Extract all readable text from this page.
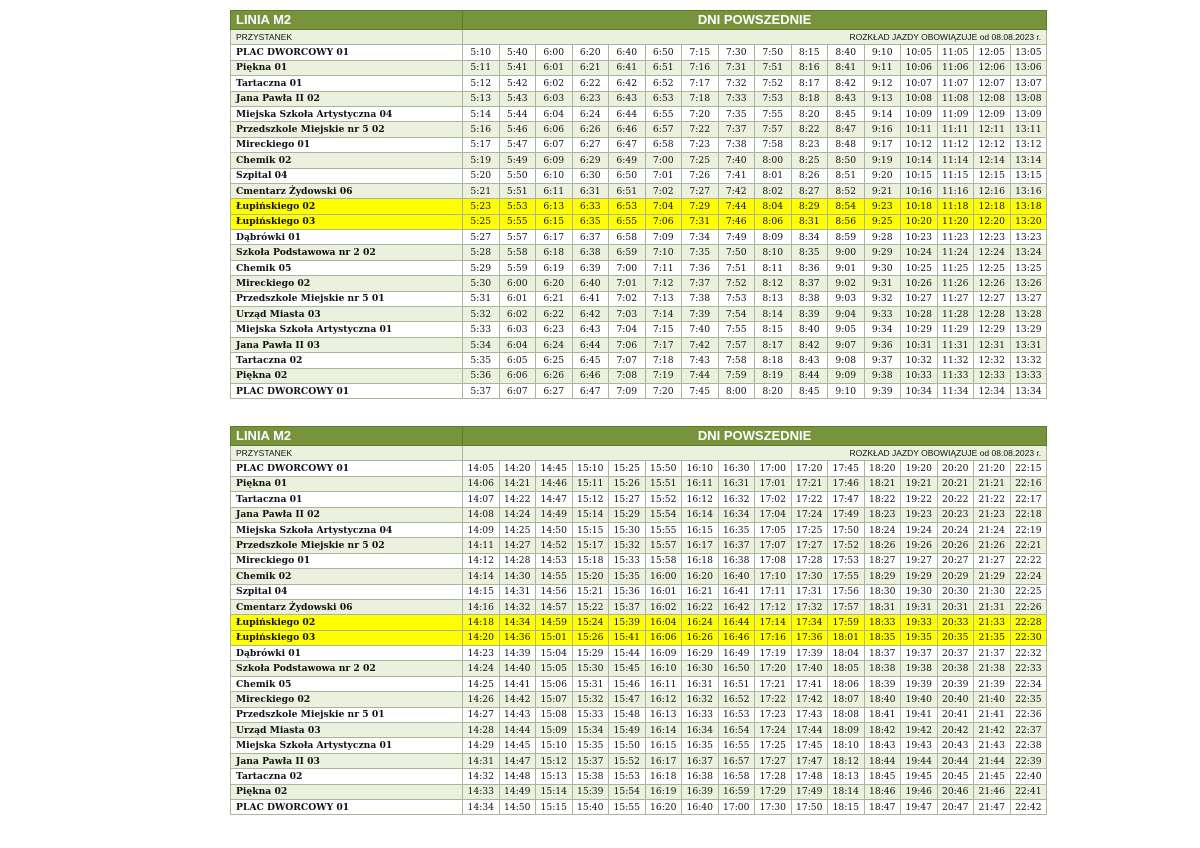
LINIA M2	DNI POWSZEDNIE															
PRZYSTANEK	ROZKŁAD JAZDY OBOWIĄZUJE od 08.08.2023 r.															
PLAC DWORCOWY 01	5:10	5:40	6:00	6:20	6:40	6:50	7:15	7:30	7:50	8:15	8:40	9:10	10:05	11:05	12:05	13:05
Piękna 01	5:11	5:41	6:01	6:21	6:41	6:51	7:16	7:31	7:51	8:16	8:41	9:11	10:06	11:06	12:06	13:06
Tartaczna 01	5:12	5:42	6:02	6:22	6:42	6:52	7:17	7:32	7:52	8:17	8:42	9:12	10:07	11:07	12:07	13:07
Jana Pawła II 02	5:13	5:43	6:03	6:23	6:43	6:53	7:18	7:33	7:53	8:18	8:43	9:13	10:08	11:08	12:08	13:08
Miejska Szkoła Artystyczna 04	5:14	5:44	6:04	6:24	6:44	6:55	7:20	7:35	7:55	8:20	8:45	9:14	10:09	11:09	12:09	13:09
Przedszkole Miejskie nr 5 02	5:16	5:46	6:06	6:26	6:46	6:57	7:22	7:37	7:57	8:22	8:47	9:16	10:11	11:11	12:11	13:11
Mireckiego 01	5:17	5:47	6:07	6:27	6:47	6:58	7:23	7:38	7:58	8:23	8:48	9:17	10:12	11:12	12:12	13:12
Chemik 02	5:19	5:49	6:09	6:29	6:49	7:00	7:25	7:40	8:00	8:25	8:50	9:19	10:14	11:14	12:14	13:14
Szpital 04	5:20	5:50	6:10	6:30	6:50	7:01	7:26	7:41	8:01	8:26	8:51	9:20	10:15	11:15	12:15	13:15
Cmentarz Żydowski 06	5:21	5:51	6:11	6:31	6:51	7:02	7:27	7:42	8:02	8:27	8:52	9:21	10:16	11:16	12:16	13:16
Łupińskiego 02	5:23	5:53	6:13	6:33	6:53	7:04	7:29	7:44	8:04	8:29	8:54	9:23	10:18	11:18	12:18	13:18
Łupińskiego 03	5:25	5:55	6:15	6:35	6:55	7:06	7:31	7:46	8:06	8:31	8:56	9:25	10:20	11:20	12:20	13:20
Dąbrówki 01	5:27	5:57	6:17	6:37	6:58	7:09	7:34	7:49	8:09	8:34	8:59	9:28	10:23	11:23	12:23	13:23
Szkoła Podstawowa nr 2 02	5:28	5:58	6:18	6:38	6:59	7:10	7:35	7:50	8:10	8:35	9:00	9:29	10:24	11:24	12:24	13:24
Chemik 05	5:29	5:59	6:19	6:39	7:00	7:11	7:36	7:51	8:11	8:36	9:01	9:30	10:25	11:25	12:25	13:25
Mireckiego 02	5:30	6:00	6:20	6:40	7:01	7:12	7:37	7:52	8:12	8:37	9:02	9:31	10:26	11:26	12:26	13:26
Przedszkole Miejskie nr 5 01	5:31	6:01	6:21	6:41	7:02	7:13	7:38	7:53	8:13	8:38	9:03	9:32	10:27	11:27	12:27	13:27
Urząd Miasta 03	5:32	6:02	6:22	6:42	7:03	7:14	7:39	7:54	8:14	8:39	9:04	9:33	10:28	11:28	12:28	13:28
Miejska Szkoła Artystyczna 01	5:33	6:03	6:23	6:43	7:04	7:15	7:40	7:55	8:15	8:40	9:05	9:34	10:29	11:29	12:29	13:29
Jana Pawła II 03	5:34	6:04	6:24	6:44	7:06	7:17	7:42	7:57	8:17	8:42	9:07	9:36	10:31	11:31	12:31	13:31
Tartaczna 02	5:35	6:05	6:25	6:45	7:07	7:18	7:43	7:58	8:18	8:43	9:08	9:37	10:32	11:32	12:32	13:32
Piękna 02	5:36	6:06	6:26	6:46	7:08	7:19	7:44	7:59	8:19	8:44	9:09	9:38	10:33	11:33	12:33	13:33
PLAC DWORCOWY 01	5:37	6:07	6:27	6:47	7:09	7:20	7:45	8:00	8:20	8:45	9:10	9:39	10:34	11:34	12:34	13:34
LINIA M2	DNI POWSZEDNIE															
PRZYSTANEK	ROZKŁAD JAZDY OBOWIĄZUJE od 08.08.2023 r.															
PLAC DWORCOWY 01	14:05	14:20	14:45	15:10	15:25	15:50	16:10	16:30	17:00	17:20	17:45	18:20	19:20	20:20	21:20	22:15
Piękna 01	14:06	14:21	14:46	15:11	15:26	15:51	16:11	16:31	17:01	17:21	17:46	18:21	19:21	20:21	21:21	22:16
Tartaczna 01	14:07	14:22	14:47	15:12	15:27	15:52	16:12	16:32	17:02	17:22	17:47	18:22	19:22	20:22	21:22	22:17
Jana Pawła II 02	14:08	14:24	14:49	15:14	15:29	15:54	16:14	16:34	17:04	17:24	17:49	18:23	19:23	20:23	21:23	22:18
Miejska Szkoła Artystyczna 04	14:09	14:25	14:50	15:15	15:30	15:55	16:15	16:35	17:05	17:25	17:50	18:24	19:24	20:24	21:24	22:19
Przedszkole Miejskie nr 5 02	14:11	14:27	14:52	15:17	15:32	15:57	16:17	16:37	17:07	17:27	17:52	18:26	19:26	20:26	21:26	22:21
Mireckiego 01	14:12	14:28	14:53	15:18	15:33	15:58	16:18	16:38	17:08	17:28	17:53	18:27	19:27	20:27	21:27	22:22
Chemik 02	14:14	14:30	14:55	15:20	15:35	16:00	16:20	16:40	17:10	17:30	17:55	18:29	19:29	20:29	21:29	22:24
Szpital 04	14:15	14:31	14:56	15:21	15:36	16:01	16:21	16:41	17:11	17:31	17:56	18:30	19:30	20:30	21:30	22:25
Cmentarz Żydowski 06	14:16	14:32	14:57	15:22	15:37	16:02	16:22	16:42	17:12	17:32	17:57	18:31	19:31	20:31	21:31	22:26
Łupińskiego 02	14:18	14:34	14:59	15:24	15:39	16:04	16:24	16:44	17:14	17:34	17:59	18:33	19:33	20:33	21:33	22:28
Łupińskiego 03	14:20	14:36	15:01	15:26	15:41	16:06	16:26	16:46	17:16	17:36	18:01	18:35	19:35	20:35	21:35	22:30
Dąbrówki 01	14:23	14:39	15:04	15:29	15:44	16:09	16:29	16:49	17:19	17:39	18:04	18:37	19:37	20:37	21:37	22:32
Szkoła Podstawowa nr 2 02	14:24	14:40	15:05	15:30	15:45	16:10	16:30	16:50	17:20	17:40	18:05	18:38	19:38	20:38	21:38	22:33
Chemik 05	14:25	14:41	15:06	15:31	15:46	16:11	16:31	16:51	17:21	17:41	18:06	18:39	19:39	20:39	21:39	22:34
Mireckiego 02	14:26	14:42	15:07	15:32	15:47	16:12	16:32	16:52	17:22	17:42	18:07	18:40	19:40	20:40	21:40	22:35
Przedszkole Miejskie nr 5 01	14:27	14:43	15:08	15:33	15:48	16:13	16:33	16:53	17:23	17:43	18:08	18:41	19:41	20:41	21:41	22:36
Urząd Miasta 03	14:28	14:44	15:09	15:34	15:49	16:14	16:34	16:54	17:24	17:44	18:09	18:42	19:42	20:42	21:42	22:37
Miejska Szkoła Artystyczna 01	14:29	14:45	15:10	15:35	15:50	16:15	16:35	16:55	17:25	17:45	18:10	18:43	19:43	20:43	21:43	22:38
Jana Pawła II 03	14:31	14:47	15:12	15:37	15:52	16:17	16:37	16:57	17:27	17:47	18:12	18:44	19:44	20:44	21:44	22:39
Tartaczna 02	14:32	14:48	15:13	15:38	15:53	16:18	16:38	16:58	17:28	17:48	18:13	18:45	19:45	20:45	21:45	22:40
Piękna 02	14:33	14:49	15:14	15:39	15:54	16:19	16:39	16:59	17:29	17:49	18:14	18:46	19:46	20:46	21:46	22:41
PLAC DWORCOWY 01	14:34	14:50	15:15	15:40	15:55	16:20	16:40	17:00	17:30	17:50	18:15	18:47	19:47	20:47	21:47	22:42
